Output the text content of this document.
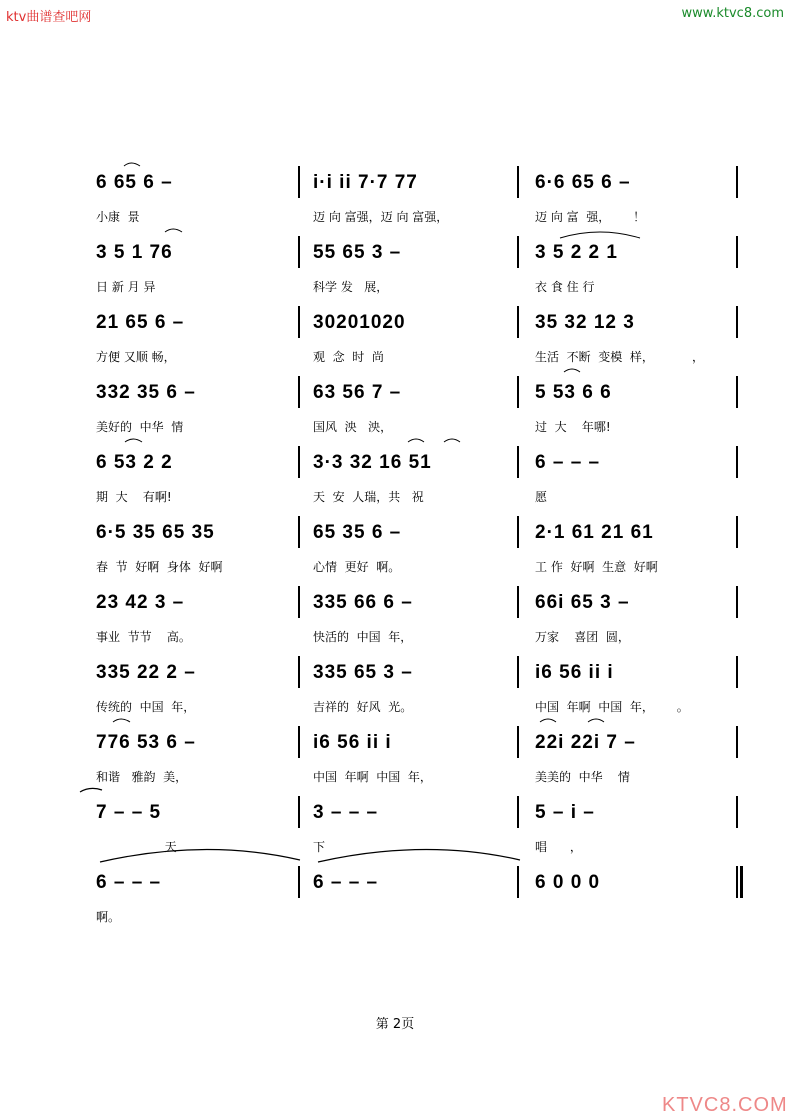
ktv曲谱查吧网	www.ktvc8.com
6 65 6 –	i·i ii 7·7 77	6·6 65 6 –
小康  景	迈 向 富强，迈 向 富强，	迈 向 富  强，      ！
3 5 1 76	55 65 3 –	3 5 2 2 1
日 新 月 异	科学 发   展，	衣 食 住 行
21 65 6 –	30201020	35 32 12 3
方便 又顺 畅，	观  念  时  尚	生活  不断  变模  样，          ，
332 35 6 –	63 56 7 –	5 53 6 6
美好的  中华  情	国风  泱   泱，	过  大    年哪!
6 53 2 2	3·3 32 16 51	6 – – –
期  大    有啊!	天  安  人瑞，共   祝	愿
6·5 35 65 35	65 35 6 –	2·1 61 21 61
春  节  好啊  身体  好啊	心情  更好  啊。	工 作  好啊  生意  好啊
23 42 3 –	335 66 6 –	66i 65 3 –
事业  节节    高。	快活的  中国  年，	万家    喜团  圆，
335 22 2 –	335 65 3 –	i6 56 ii i
传统的  中国  年，	吉祥的  好风  光。	中国  年啊  中国  年，      。
776 53 6 –	i6 56 ii i	22i 22i 7 –
和谐   雅韵  美，	中国  年啊  中国  年，	美美的  中华    情
7 – – 5	3 – – –	5 – i –
天	下	唱      ，
6 – – –	6 – – –	6 0 0 0
啊。
第 2页
KTVC8.COM
